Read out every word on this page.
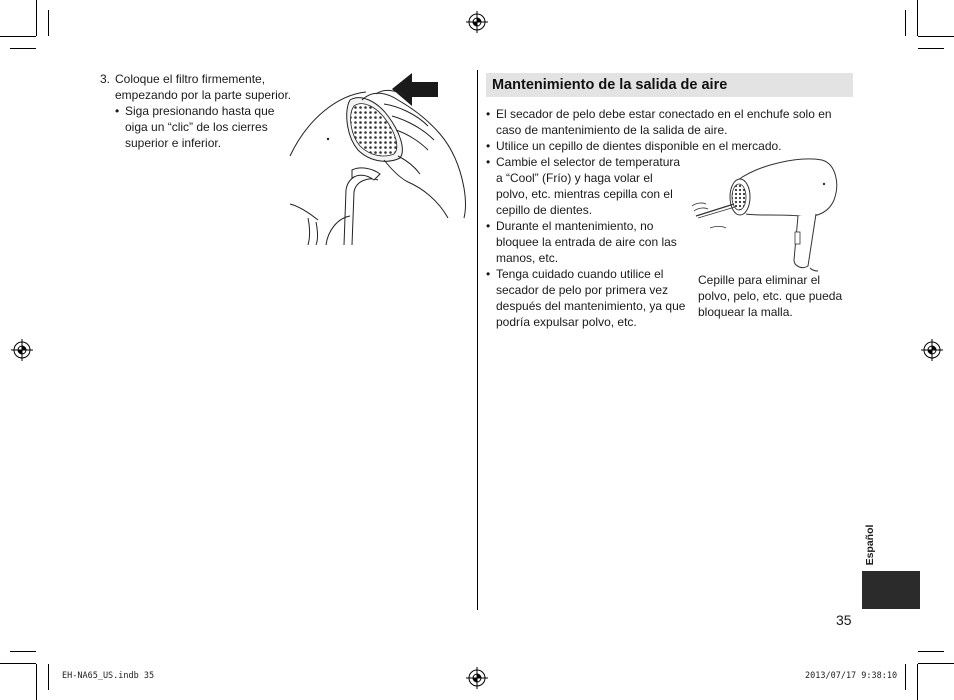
3. Coloque el filtro firmemente,
empezando por la parte superior.
• Siga presionando hasta que
oiga un “clic” de los cierres
superior e inferior.
Mantenimiento de la salida de aire
• El secador de pelo debe estar conectado en el enchufe solo en
caso de mantenimiento de la salida de aire.
• Utilice un cepillo de dientes disponible en el mercado.
• Cambie el selector de temperatura
a “Cool” (Frío) y haga volar el
polvo, etc. mientras cepilla con el
cepillo de dientes.
• Durante el mantenimiento, no
bloquee la entrada de aire con las
manos, etc.
• Tenga cuidado cuando utilice el
secador de pelo por primera vez
después del mantenimiento, ya que
podría expulsar polvo, etc.
Cepille para eliminar el
polvo, pelo, etc. que pueda
bloquear la malla.
Español
35
EH-NA65_US.indb 35	2013/07/17 9:38:10
